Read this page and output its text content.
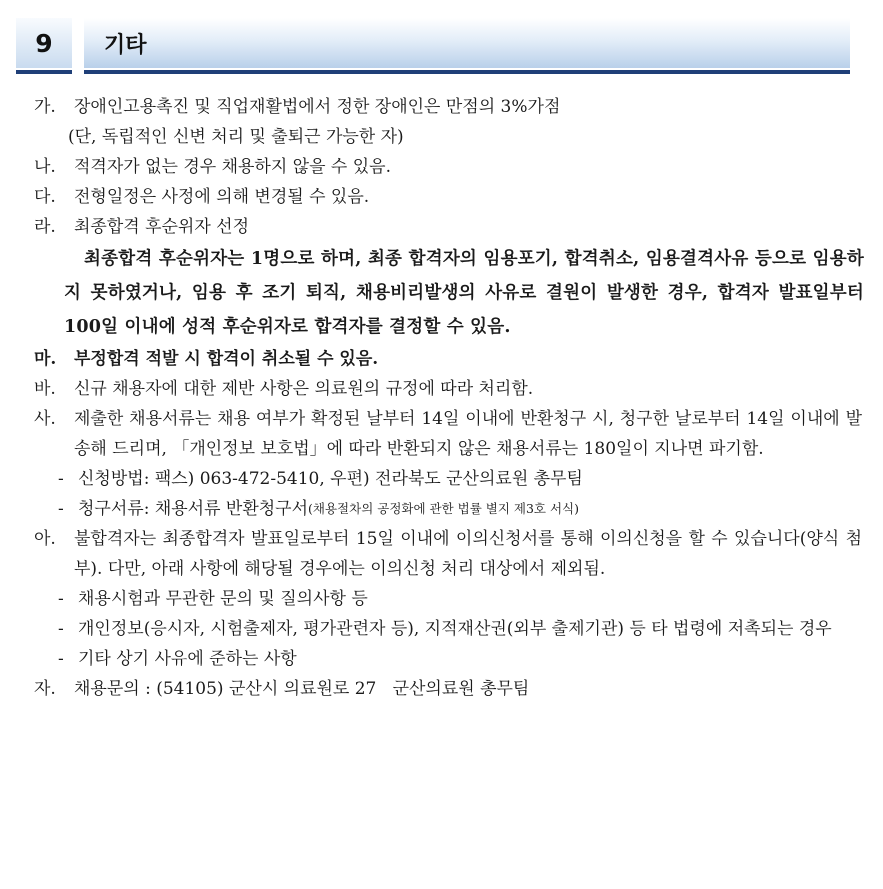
9	기타
가.	장애인고용촉진 및 직업재활법에서 정한 장애인은 만점의 3%가점
(단, 독립적인 신변 처리 및 출퇴근 가능한 자)
나.	적격자가 없는 경우 채용하지 않을 수 있음.
다.	전형일정은 사정에 의해 변경될 수 있음.
라.	최종합격 후순위자 선정
최종합격 후순위자는 1명으로 하며, 최종 합격자의 임용포기, 합격취소, 임용결격사유 등으로 임용하지 못하였거나, 임용 후 조기 퇴직, 채용비리발생의 사유로 결원이 발생한 경우, 합격자 발표일부터 100일 이내에 성적 후순위자로 합격자를 결정할 수 있음.
마.	부정합격 적발 시 합격이 취소될 수 있음.
바.	신규 채용자에 대한 제반 사항은 의료원의 규정에 따라 처리함.
사.	제출한 채용서류는 채용 여부가 확정된 날부터 14일 이내에 반환청구 시, 청구한 날로부터 14일 이내에 발송해 드리며, 「개인정보 보호법」에 따라 반환되지 않은 채용서류는 180일이 지나면 파기함.
- 신청방법: 팩스) 063-472-5410, 우편) 전라북도 군산의료원 총무팀
- 청구서류: 채용서류 반환청구서 (채용절차의 공정화에 관한 법률 별지 제3호 서식)
아.	불합격자는 최종합격자 발표일로부터 15일 이내에 이의신청서를 통해 이의신청을 할 수 있습니다(양식 첨부). 다만, 아래 사항에 해당될 경우에는 이의신청 처리 대상에서 제외됨.
- 채용시험과 무관한 문의 및 질의사항 등
- 개인정보(응시자, 시험출제자, 평가관련자 등), 지적재산권(외부 출제기관) 등 타 법령에 저촉되는 경우
- 기타 상기 사유에 준하는 사항
자.	채용문의 : (54105) 군산시 의료원로 27   군산의료원 총무팀
